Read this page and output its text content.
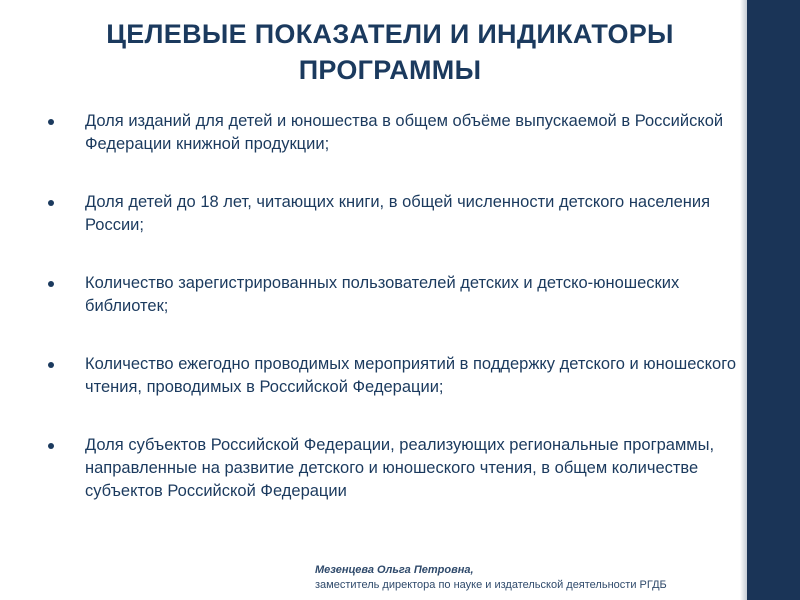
ЦЕЛЕВЫЕ ПОКАЗАТЕЛИ И ИНДИКАТОРЫ ПРОГРАММЫ
Доля изданий для детей и юношества в общем объёме выпускаемой в Российской Федерации книжной продукции;
Доля детей до 18 лет, читающих книги, в общей численности детского населения России;
Количество зарегистрированных пользователей детских и детско-юношеских библиотек;
Количество ежегодно проводимых мероприятий в поддержку детского и юношеского чтения, проводимых в Российской Федерации;
Доля субъектов Российской Федерации, реализующих региональные программы, направленные на развитие детского и юношеского чтения, в общем количестве субъектов Российской Федерации
Мезенцева Ольга Петровна,
заместитель директора по науке и издательской деятельности РГДБ
